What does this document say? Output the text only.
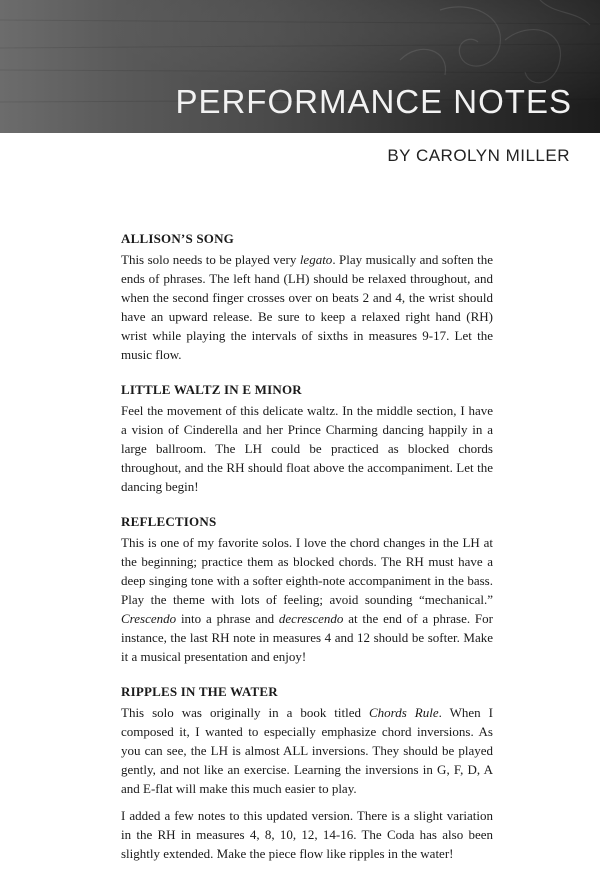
PERFORMANCE NOTES
BY CAROLYN MILLER
ALLISON’S SONG

This solo needs to be played very legato. Play musically and soften the ends of phrases. The left hand (LH) should be relaxed throughout, and when the second finger crosses over on beats 2 and 4, the wrist should have an upward release. Be sure to keep a relaxed right hand (RH) wrist while playing the intervals of sixths in measures 9-17. Let the music flow.

LITTLE WALTZ IN E MINOR

Feel the movement of this delicate waltz. In the middle section, I have a vision of Cinderella and her Prince Charming dancing happily in a large ballroom. The LH could be practiced as blocked chords throughout, and the RH should float above the accompaniment. Let the dancing begin!

REFLECTIONS

This is one of my favorite solos. I love the chord changes in the LH at the beginning; practice them as blocked chords. The RH must have a deep singing tone with a softer eighth-note accompaniment in the bass. Play the theme with lots of feeling; avoid sounding “mechanical.” Crescendo into a phrase and decrescendo at the end of a phrase. For instance, the last RH note in measures 4 and 12 should be softer. Make it a musical presentation and enjoy!

RIPPLES IN THE WATER

This solo was originally in a book titled Chords Rule. When I composed it, I wanted to especially emphasize chord inversions. As you can see, the LH is almost ALL inversions. They should be played gently, and not like an exercise. Learning the inversions in G, F, D, A and E-flat will make this much easier to play.

I added a few notes to this updated version. There is a slight variation in the RH in measures 4, 8, 10, 12, 14-16. The Coda has also been slightly extended. Make the piece flow like ripples in the water!
